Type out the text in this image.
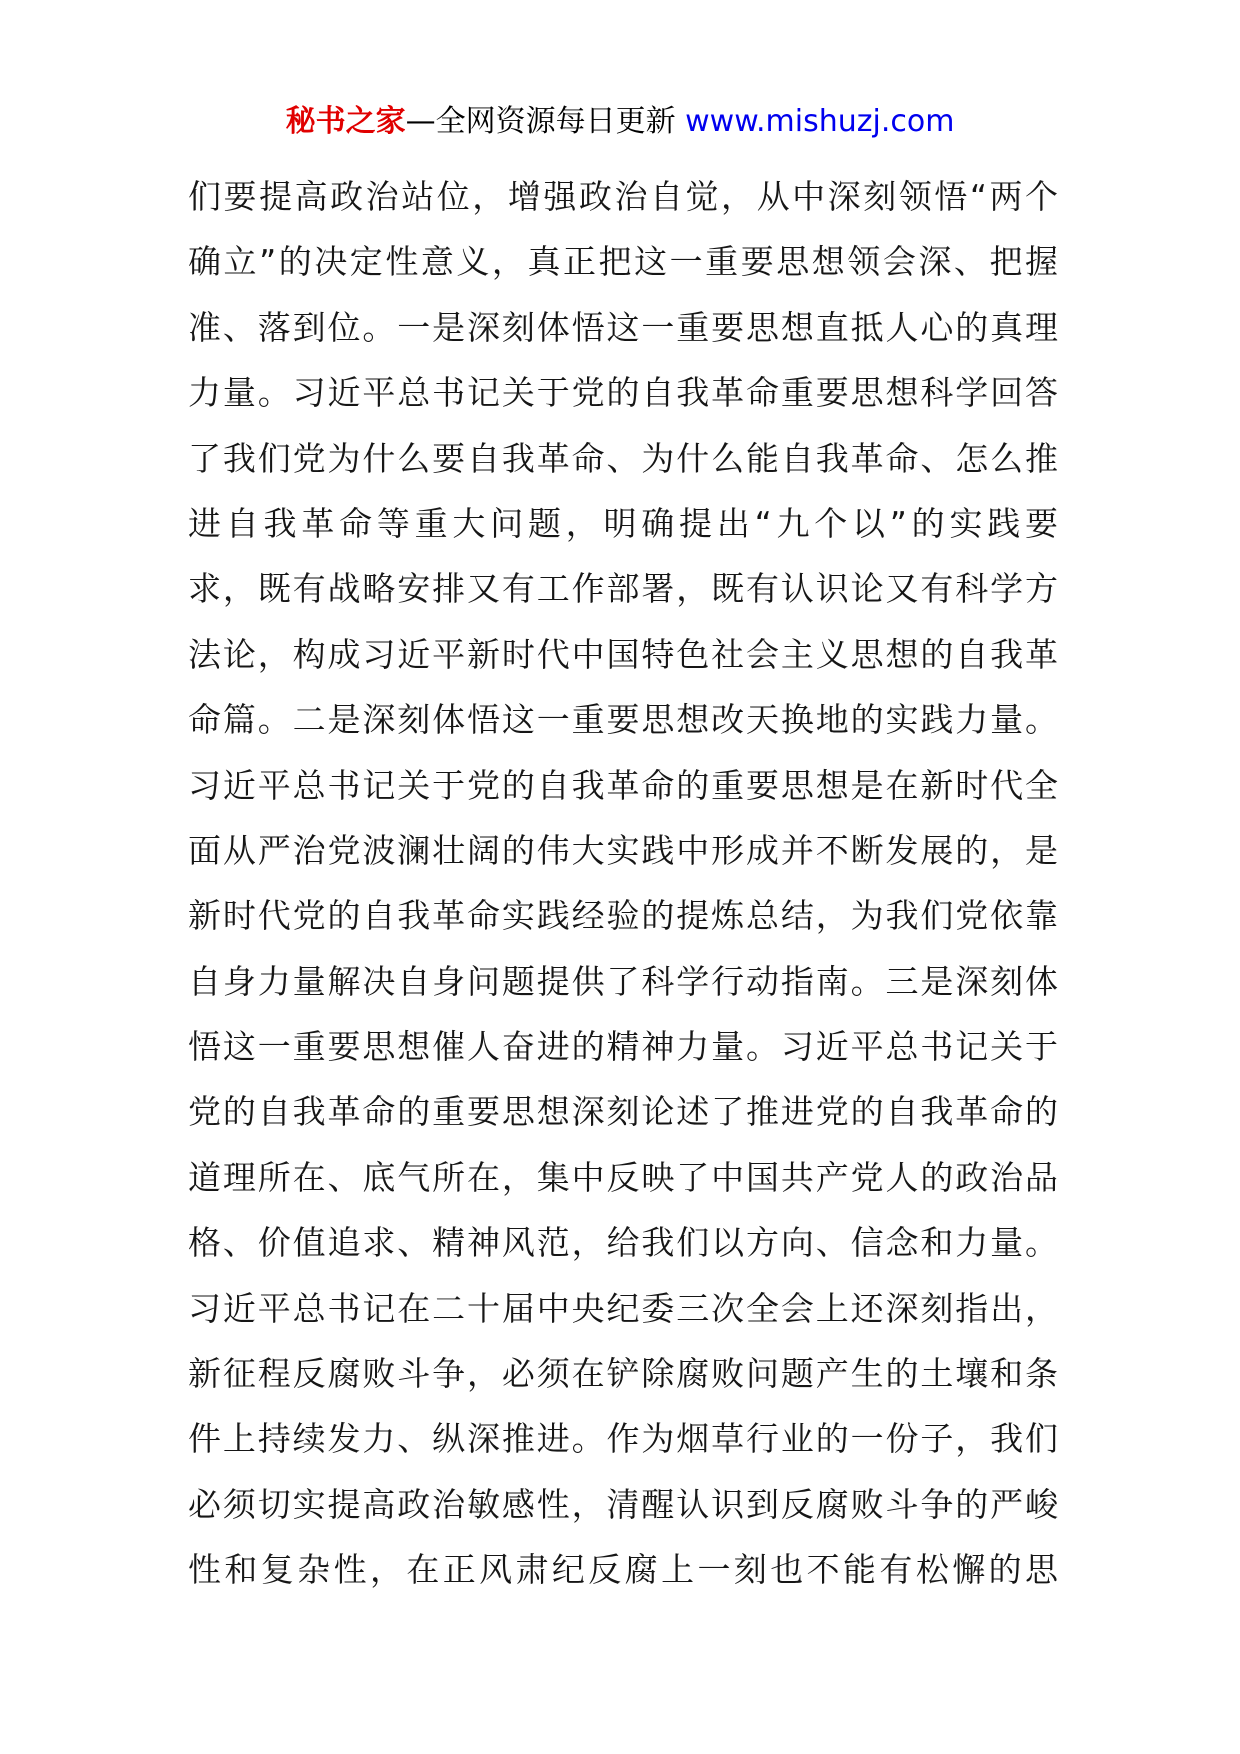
秘书之家—全网资源每日更新 www.mishuzj.com
们要提高政治站位，增强政治自觉，从中深刻领悟“两个
确立”的决定性意义，真正把这一重要思想领会深、把握
准、落到位。一是深刻体悟这一重要思想直抵人心的真理
力量。习近平总书记关于党的自我革命重要思想科学回答
了我们党为什么要自我革命、为什么能自我革命、怎么推
进自我革命等重大问题，明确提出“九个以”的实践要
求，既有战略安排又有工作部署，既有认识论又有科学方
法论，构成习近平新时代中国特色社会主义思想的自我革
命篇。二是深刻体悟这一重要思想改天换地的实践力量。
习近平总书记关于党的自我革命的重要思想是在新时代全
面从严治党波澜壮阔的伟大实践中形成并不断发展的，是
新时代党的自我革命实践经验的提炼总结，为我们党依靠
自身力量解决自身问题提供了科学行动指南。三是深刻体
悟这一重要思想催人奋进的精神力量。习近平总书记关于
党的自我革命的重要思想深刻论述了推进党的自我革命的
道理所在、底气所在，集中反映了中国共产党人的政治品
格、价值追求、精神风范，给我们以方向、信念和力量。
习近平总书记在二十届中央纪委三次全会上还深刻指出，
新征程反腐败斗争，必须在铲除腐败问题产生的土壤和条
件上持续发力、纵深推进。作为烟草行业的一份子，我们
必须切实提高政治敏感性，清醒认识到反腐败斗争的严峻
性和复杂性，在正风肃纪反腐上一刻也不能有松懈的思
